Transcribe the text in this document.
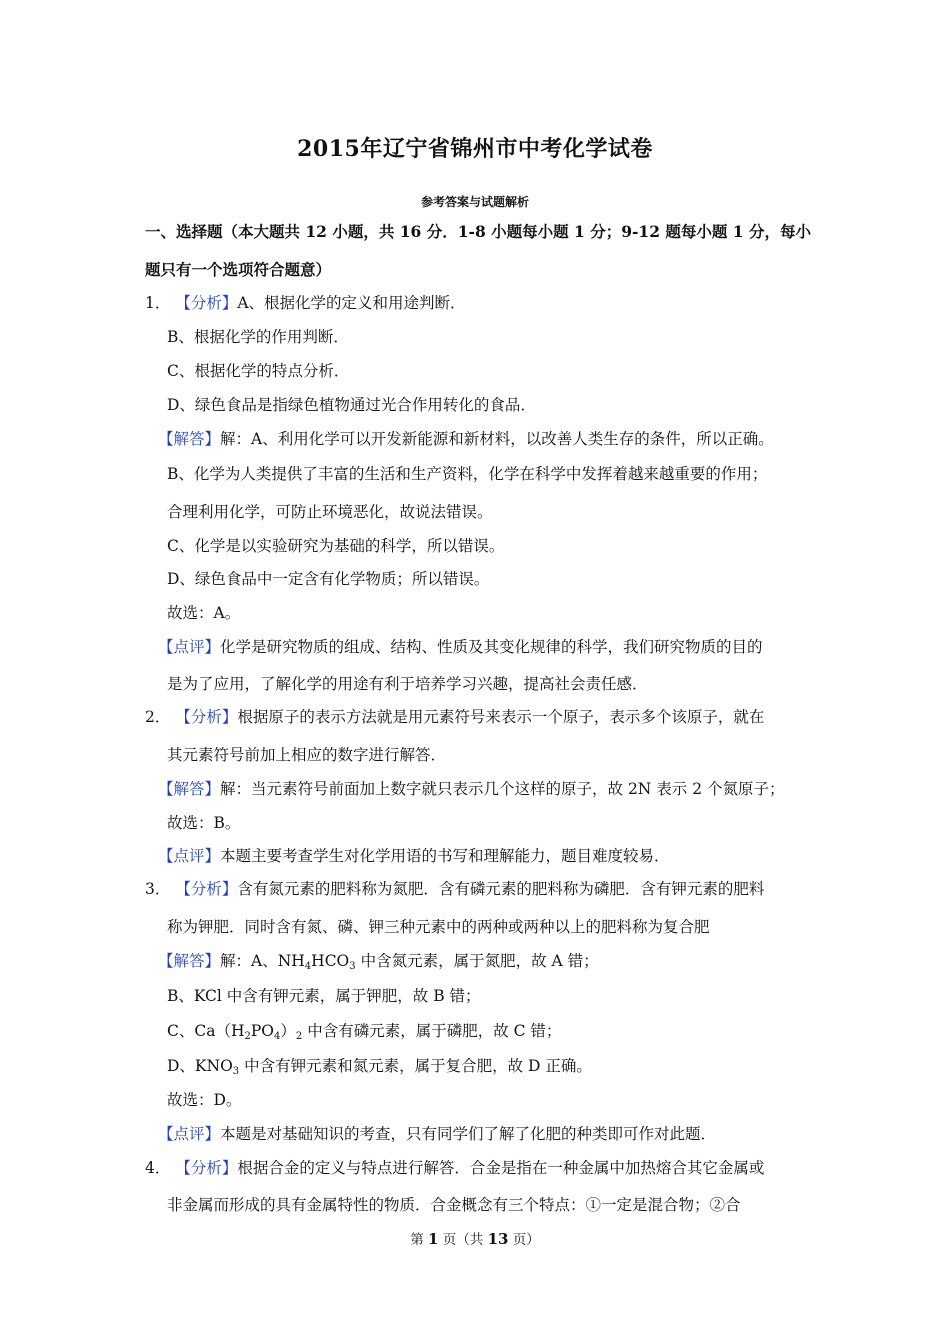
2015年辽宁省锦州市中考化学试卷
参考答案与试题解析
一、选择题（本大题共 12 小题，共 16 分．1-8 小题每小题 1 分；9-12 题每小题 1 分，每小
题只有一个选项符合题意）
1． 【分析】A、根据化学的定义和用途判断．
B、根据化学的作用判断．
C、根据化学的特点分析．
D、绿色食品是指绿色植物通过光合作用转化的食品．
【解答】解：A、利用化学可以开发新能源和新材料，以改善人类生存的条件，所以正确。
B、化学为人类提供了丰富的生活和生产资料，化学在科学中发挥着越来越重要的作用；
合理利用化学，可防止环境恶化，故说法错误。
C、化学是以实验研究为基础的科学，所以错误。
D、绿色食品中一定含有化学物质；所以错误。
故选：A。
【点评】化学是研究物质的组成、结构、性质及其变化规律的科学，我们研究物质的目的
是为了应用，了解化学的用途有利于培养学习兴趣，提高社会责任感．
2． 【分析】根据原子的表示方法就是用元素符号来表示一个原子，表示多个该原子，就在
其元素符号前加上相应的数字进行解答．
【解答】解：当元素符号前面加上数字就只表示几个这样的原子，故 2N 表示 2 个氮原子；
故选：B。
【点评】本题主要考查学生对化学用语的书写和理解能力，题目难度较易．
3． 【分析】含有氮元素的肥料称为氮肥．含有磷元素的肥料称为磷肥．含有钾元素的肥料
称为钾肥．同时含有氮、磷、钾三种元素中的两种或两种以上的肥料称为复合肥
【解答】解：A、$NH_4HCO_3$ 中含氮元素，属于氮肥，故 A 错；
B、KCl 中含有钾元素，属于钾肥，故 B 错；
C、$Ca(H_2PO_4)_2$ 中含有磷元素，属于磷肥，故 C 错；
D、$KNO_3$ 中含有钾元素和氮元素，属于复合肥，故 D 正确。
故选：D。
【点评】本题是对基础知识的考查，只有同学们了解了化肥的种类即可作对此题．
4． 【分析】根据合金的定义与特点进行解答．合金是指在一种金属中加热熔合其它金属或
非金属而形成的具有金属特性的物质．合金概念有三个特点：①一定是混合物；②合
第 1 页（共 13 页）
